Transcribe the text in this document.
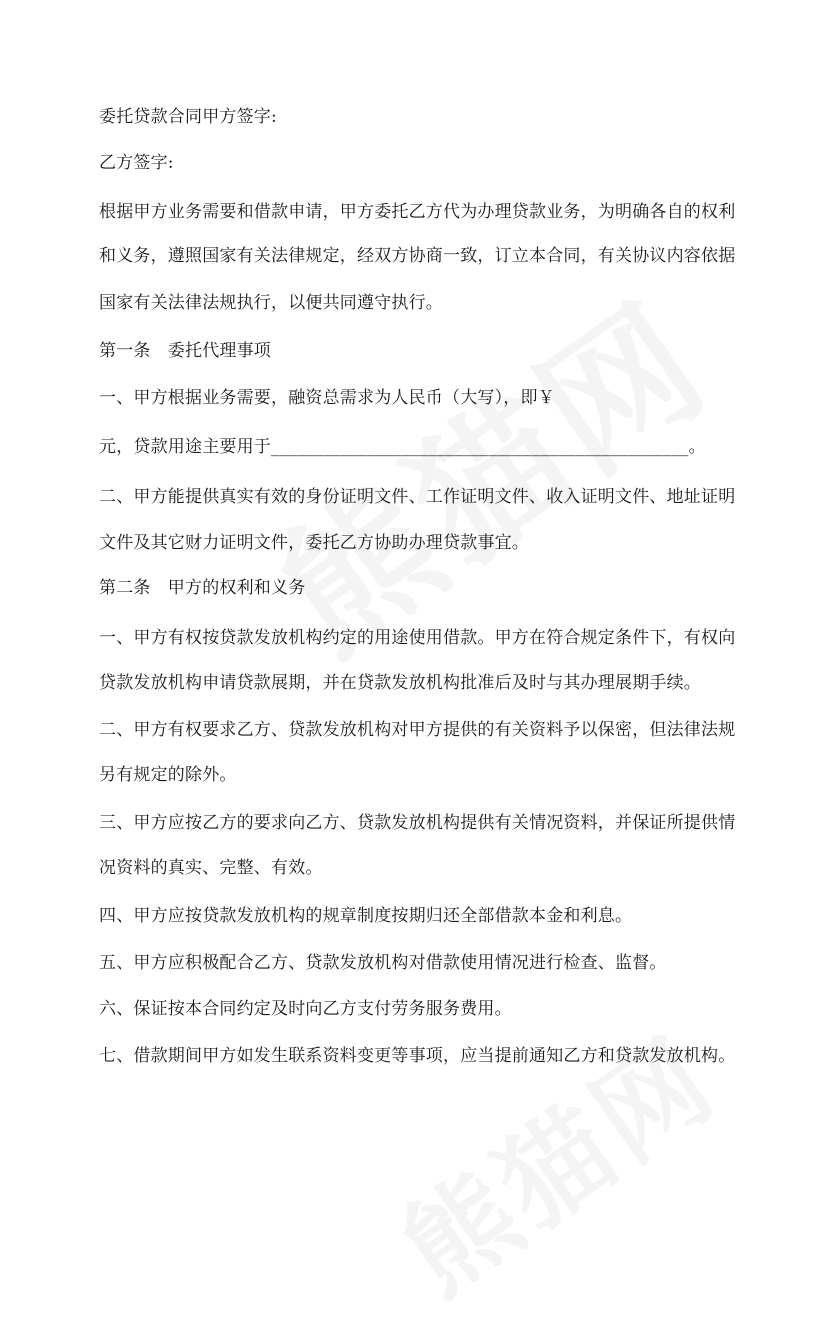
委托贷款合同甲方签字:
乙方签字:
根据甲方业务需要和借款申请，甲方委托乙方代为办理贷款业务，为明确各自的权利
和义务，遵照国家有关法律规定，经双方协商一致，订立本合同，有关协议内容依据
国家有关法律法规执行，以便共同遵守执行。
第一条　委托代理事项
一、甲方根据业务需要，融资总需求为人民币（大写），即￥
元，贷款用途主要用于________________________________________________。
二、甲方能提供真实有效的身份证明文件、工作证明文件、收入证明文件、地址证明
文件及其它财力证明文件，委托乙方协助办理贷款事宜。
第二条　甲方的权利和义务
一、甲方有权按贷款发放机构约定的用途使用借款。甲方在符合规定条件下，有权向
贷款发放机构申请贷款展期，并在贷款发放机构批准后及时与其办理展期手续。
二、甲方有权要求乙方、贷款发放机构对甲方提供的有关资料予以保密，但法律法规
另有规定的除外。
三、甲方应按乙方的要求向乙方、贷款发放机构提供有关情况资料，并保证所提供情
况资料的真实、完整、有效。
四、甲方应按贷款发放机构的规章制度按期归还全部借款本金和利息。
五、甲方应积极配合乙方、贷款发放机构对借款使用情况进行检查、监督。
六、保证按本合同约定及时向乙方支付劳务服务费用。
七、借款期间甲方如发生联系资料变更等事项，应当提前通知乙方和贷款发放机构。
